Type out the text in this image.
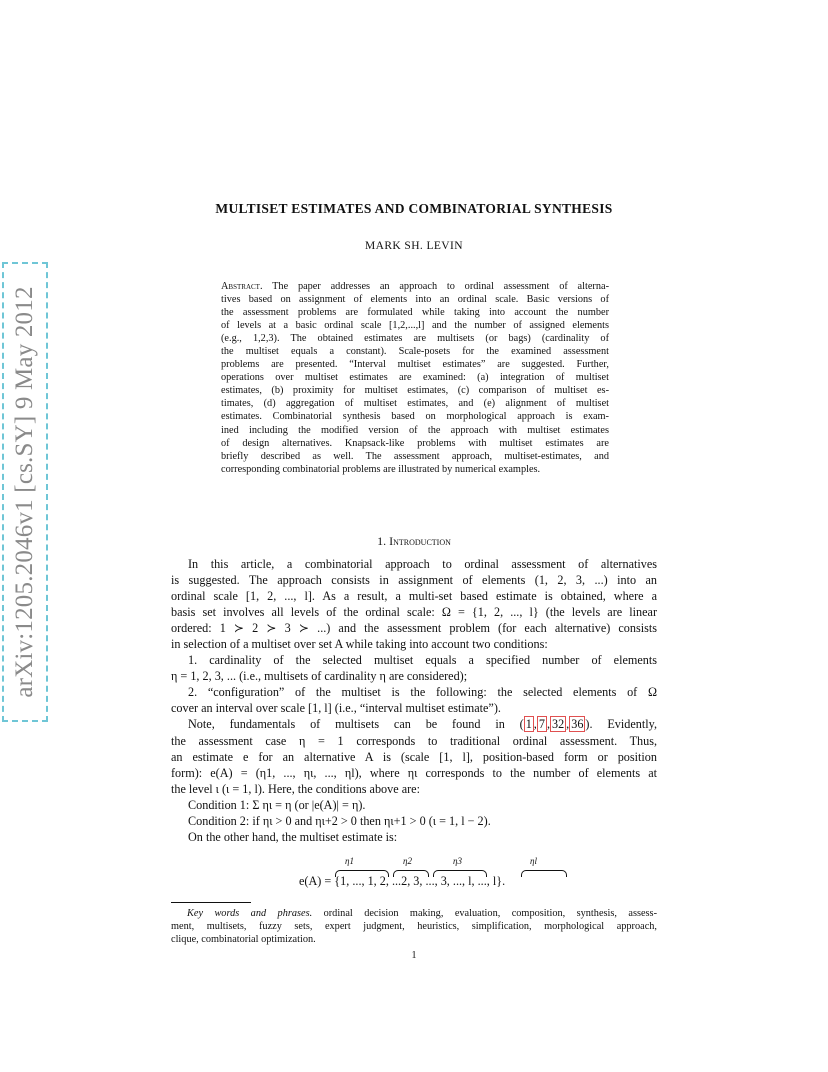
arXiv:1205.2046v1 [cs.SY] 9 May 2012
MULTISET ESTIMATES AND COMBINATORIAL SYNTHESIS
MARK SH. LEVIN
Abstract. The paper addresses an approach to ordinal assessment of alterna-
tives based on assignment of elements into an ordinal scale. Basic versions of
the assessment problems are formulated while taking into account the number
of levels at a basic ordinal scale [1,2,...,l] and the number of assigned elements
(e.g., 1,2,3). The obtained estimates are multisets (or bags) (cardinality of
the multiset equals a constant). Scale-posets for the examined assessment
problems are presented. “Interval multiset estimates” are suggested. Further,
operations over multiset estimates are examined: (a) integration of multiset
estimates, (b) proximity for multiset estimates, (c) comparison of multiset es-
timates, (d) aggregation of multiset estimates, and (e) alignment of multiset
estimates. Combinatorial synthesis based on morphological approach is exam-
ined including the modified version of the approach with multiset estimates
of design alternatives. Knapsack-like problems with multiset estimates are
briefly described as well. The assessment approach, multiset-estimates, and
corresponding combinatorial problems are illustrated by numerical examples.
1. Introduction
In this article, a combinatorial approach to ordinal assessment of alternatives
is suggested. The approach consists in assignment of elements (1, 2, 3, ...) into an
ordinal scale [1, 2, ..., l]. As a result, a multi-set based estimate is obtained, where a
basis set involves all levels of the ordinal scale: Ω = {1, 2, ..., l} (the levels are linear
ordered: 1 ≻ 2 ≻ 3 ≻ ...) and the assessment problem (for each alternative) consists
in selection of a multiset over set A while taking into account two conditions:
1. cardinality of the selected multiset equals a specified number of elements
η = 1, 2, 3, ... (i.e., multisets of cardinality η are considered);
2. “configuration” of the multiset is the following: the selected elements of Ω
cover an interval over scale [1, l] (i.e., “interval multiset estimate”).
Note, fundamentals of multisets can be found in ( 1 , 7 , 32 , 36 ). Evidently,
the assessment case η = 1 corresponds to traditional ordinal assessment. Thus,
an estimate e for an alternative A is (scale [1, l], position-based form or position
form): e(A) = (η1, ..., ηι, ..., ηl), where ηι corresponds to the number of elements at
the level ι (ι = 1, l). Here, the conditions above are:
Condition 1: Σ ηι = η (or |e(A)| = η).
Condition 2: if ηι > 0 and ηι+2 > 0 then ηι+1 > 0 (ι = 1, l − 2).
On the other hand, the multiset estimate is:
η1	η2	η3	ηl
e(A) = {1, ..., 1, 2, ...2, 3, ..., 3, ..., l, ..., l}.
Key words and phrases. ordinal decision making, evaluation, composition, synthesis, assess-
ment, multisets, fuzzy sets, expert judgment, heuristics, simplification, morphological approach,
clique, combinatorial optimization.
1
